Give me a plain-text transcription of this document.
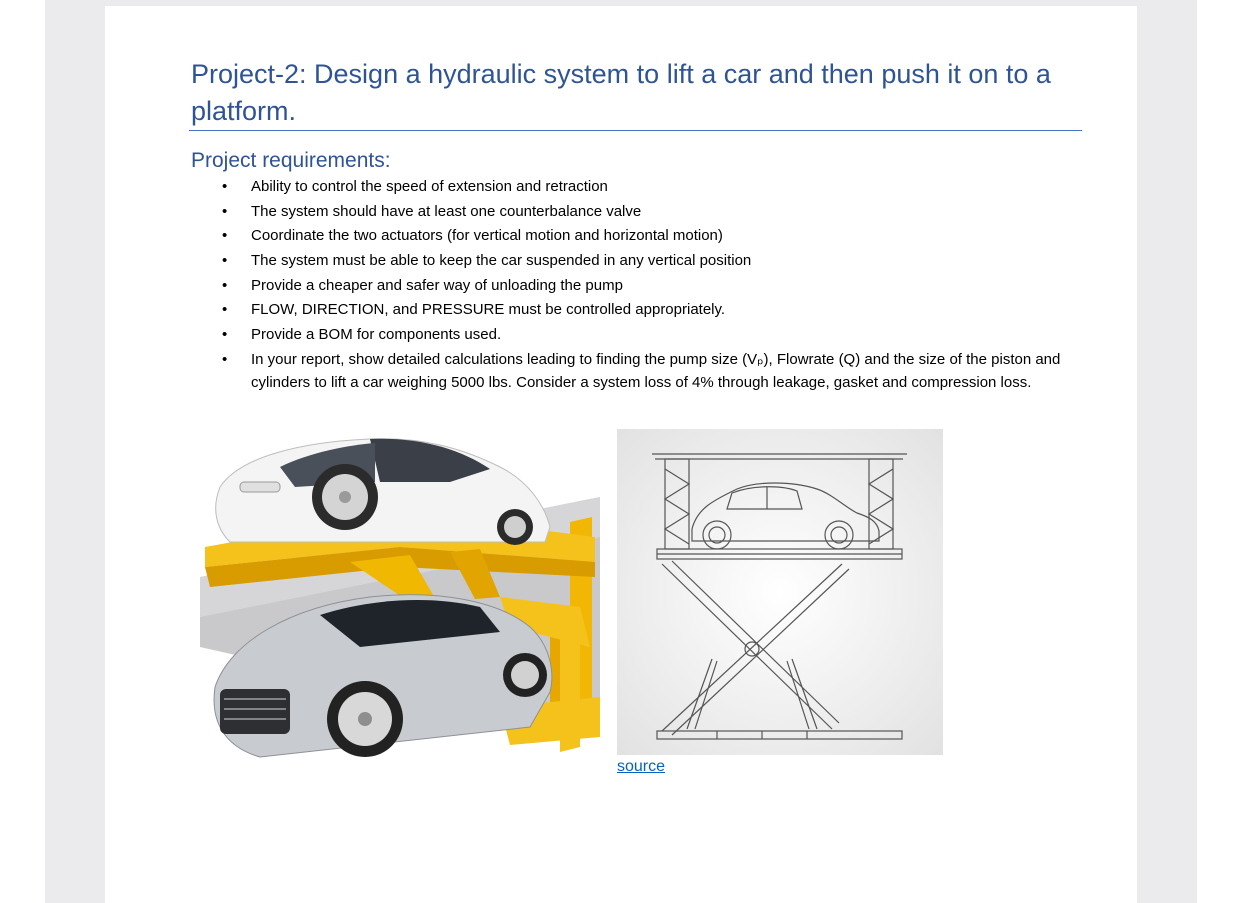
Project-2: Design a hydraulic system to lift a car and then push it on to a platform.
Project requirements:
•	Ability to control the speed of extension and retraction
•	The system should have at least one counterbalance valve
•	Coordinate the two actuators (for vertical motion and horizontal motion)
•	The system must be able to keep the car suspended in any vertical position
•	Provide a cheaper and safer way of unloading the pump
•	FLOW, DIRECTION, and PRESSURE must be controlled appropriately.
•	Provide a BOM for components used.
•	In your report, show detailed calculations leading to finding the pump size (Vₚ), Flowrate (Q) and the size of the piston and cylinders to lift a car weighing 5000 lbs. Consider a system loss of 4% through leakage, gasket and compression loss.
source
